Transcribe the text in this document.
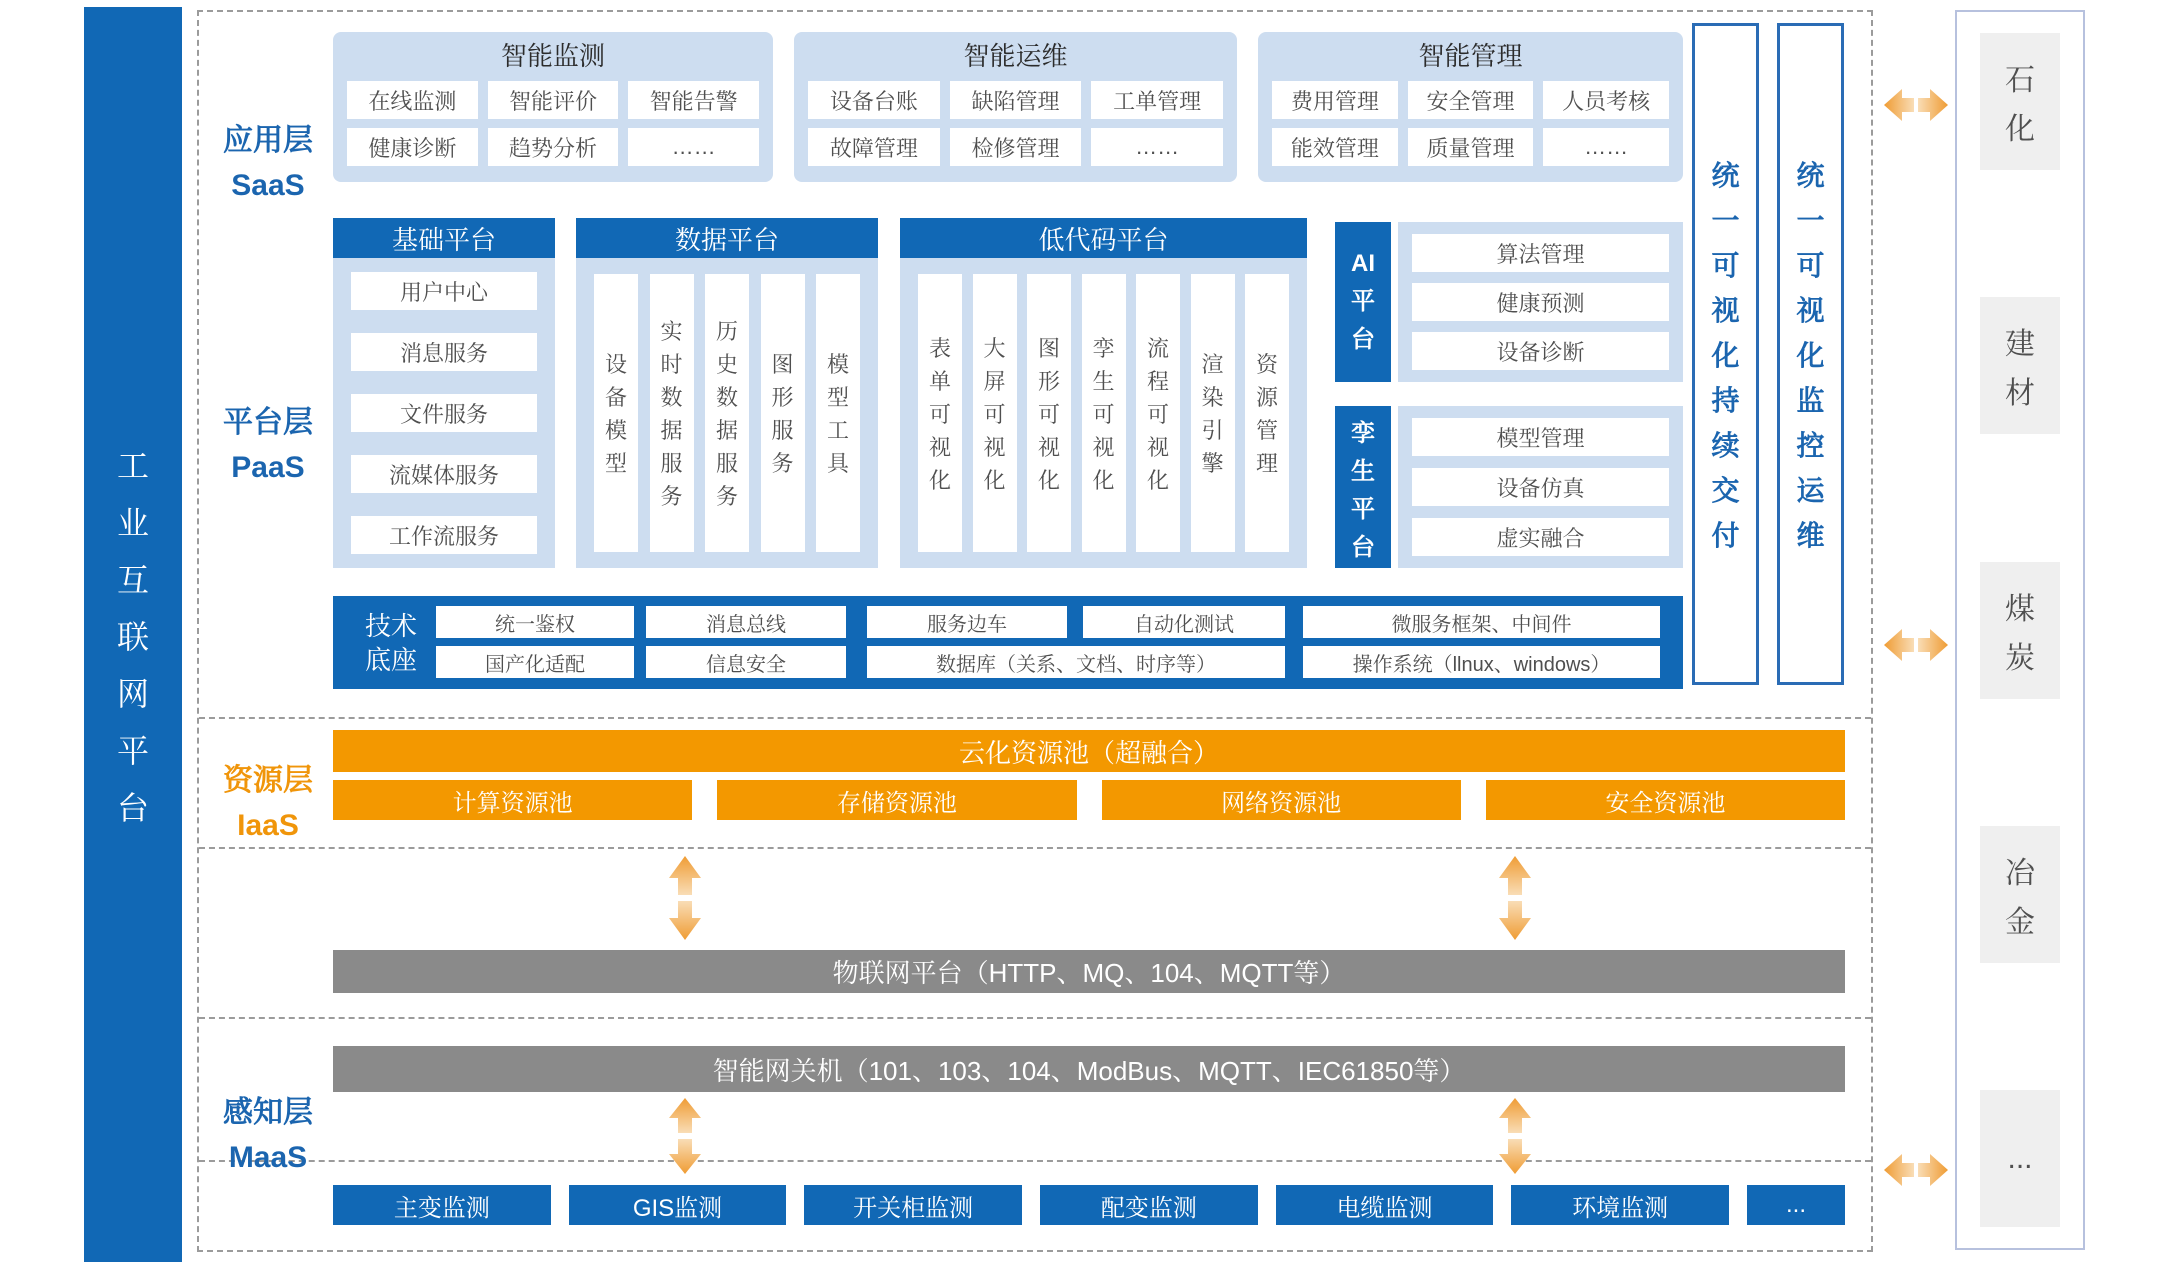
工
业
互
联
网
平
台
应用层
SaaS
平台层
PaaS
资源层
IaaS
感知层
MaaS
智能监测
在线监测	智能评价	智能告警
健康诊断	趋势分析	……
智能运维
设备台账	缺陷管理	工单管理
故障管理	检修管理	……
智能管理
费用管理	安全管理	人员考核
能效管理	质量管理	……
基础平台
用户中心
消息服务
文件服务
流媒体服务
工作流服务
数据平台
设
备
模
型
实
时
数
据
服
务
历
史
数
据
服
务
图
形
服
务
模
型
工
具
低代码平台
表
单
可
视
化
大
屏
可
视
化
图
形
可
视
化
孪
生
可
视
化
流
程
可
视
化
渲
染
引
擎
资
源
管
理
AI
平
台
算法管理
健康预测
设备诊断
孪
生
平
台
模型管理
设备仿真
虚实融合
技术
底座
统一鉴权	消息总线	服务边车	自动化测试	微服务框架、中间件
国产化适配	信息安全	数据库（关系、文档、时序等）	操作系统（llnux、windows）
云化资源池（超融合）
计算资源池	存储资源池	网络资源池	安全资源池
物联网平台（HTTP、MQ、104、MQTT等）
智能网关机（101、103、104、ModBus、MQTT、IEC61850等）
主变监测	GIS监测	开关柜监测	配变监测	电缆监测	环境监测	...
统
一
可
视
化
持
续
交
付
统
一
可
视
化
监
控
运
维
石
化
建
材
煤
炭
冶
金
...
